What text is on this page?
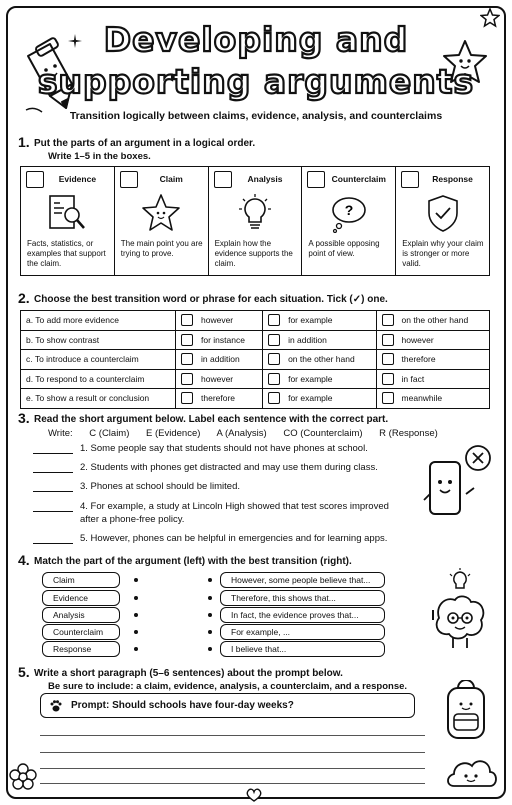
Developing and
supporting arguments
Transition logically between claims, evidence, analysis, and counterclaims
1. Put the parts of an argument in a logical order.
Write 1–5 in the boxes.
Evidence
Facts, statistics, or examples that support the claim.
Claim
The main point you are trying to prove.
Analysis
Explain how the evidence supports the claim.
Counterclaim
?
A possible opposing point of view.
Response
Explain why your claim is stronger or more valid.
2. Choose the best transition word or phrase for each situation. Tick (✓) one.
a. To add more evidence	however	for example	on the other hand

b. To show contrast	for instance	in addition	however

c. To introduce a counterclaim	in addition	on the other hand	therefore

d. To respond to a counterclaim	however	for example	in fact

e. To show a result or conclusion	therefore	for example	meanwhile
3. Read the short argument below. Label each sentence with the correct part.
Write: C (Claim) E (Evidence) A (Analysis) CO (Counterclaim) R (Response)
1. Some people say that students should not have phones at school.
2. Students with phones get distracted and may use them during class.
3. Phones at school should be limited.
4. For example, a study at Lincoln High showed that test scores improved after a phone-free policy.
5. However, phones can be helpful in emergencies and for learning apps.
4. Match the part of the argument (left) with the best transition (right).
Claim
Evidence
Analysis
Counterclaim
Response
However, some people believe that...
Therefore, this shows that...
In fact, the evidence proves that...
For example, ...
I believe that...
5. Write a short paragraph (5–6 sentences) about the prompt below.
Be sure to include: a claim, evidence, analysis, a counterclaim, and a response.
Prompt: Should schools have four-day weeks?
